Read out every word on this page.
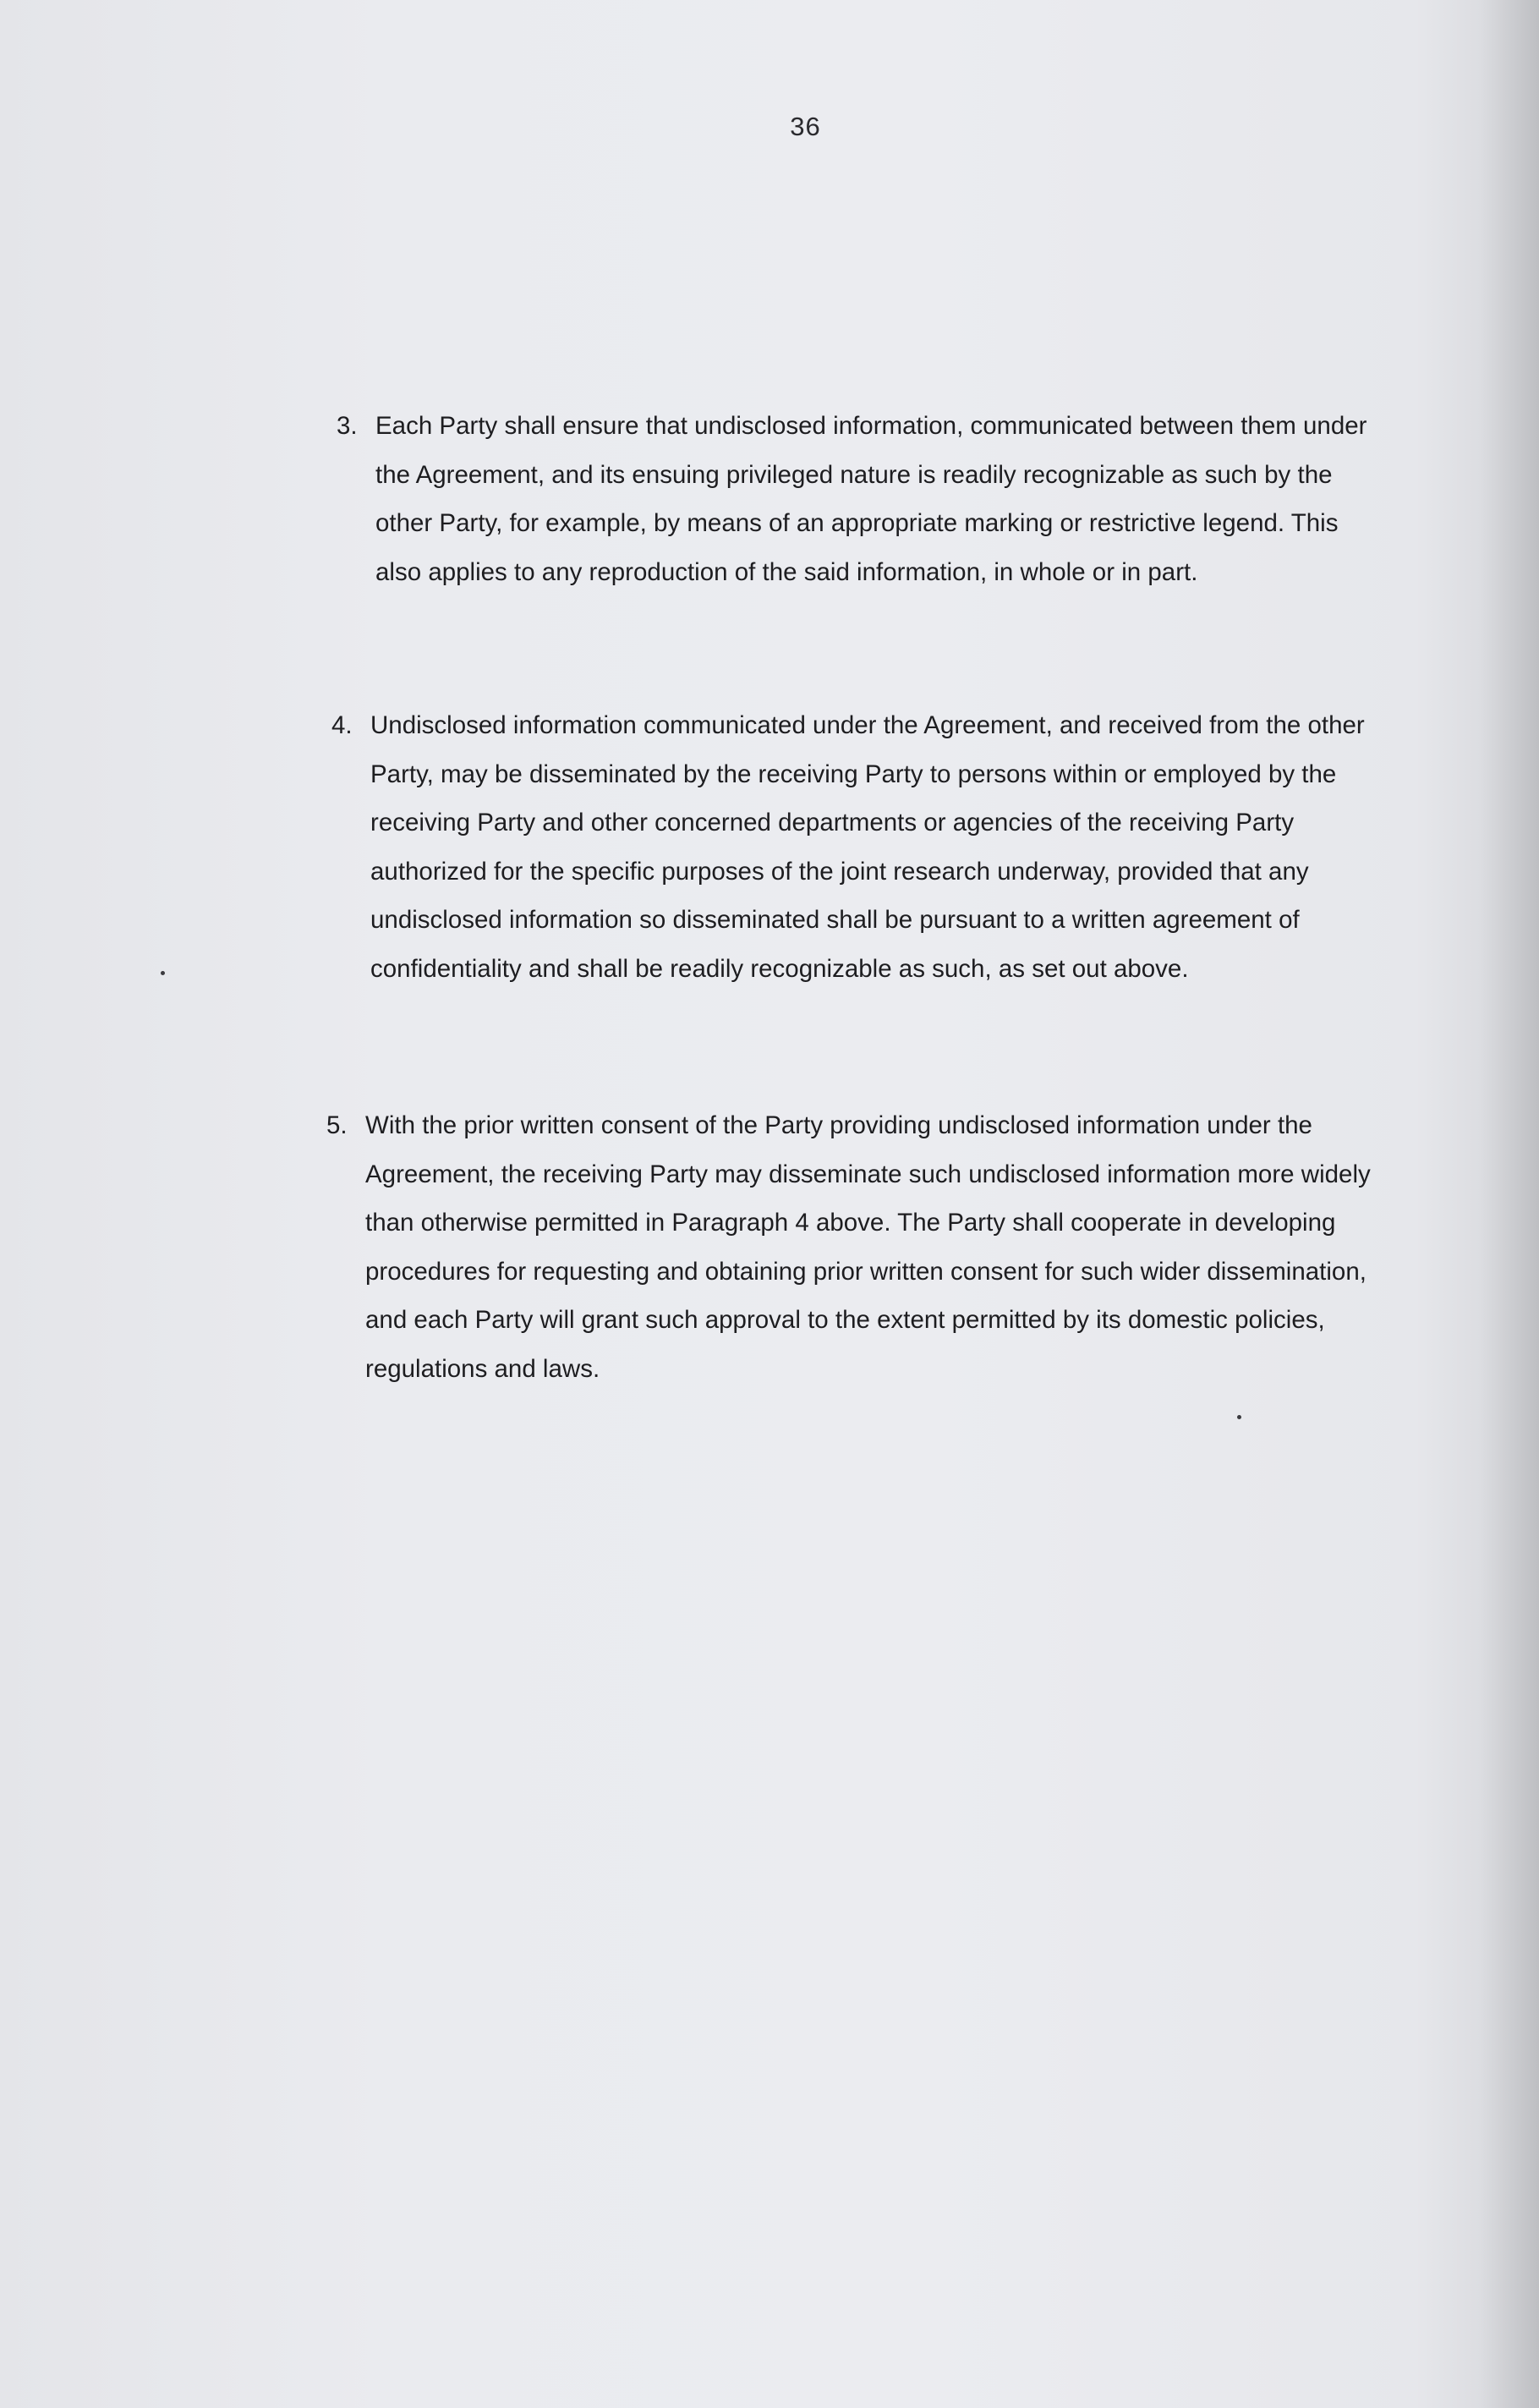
36
3. Each Party shall ensure that undisclosed information, communicated between them under the Agreement, and its ensuing privileged nature is readily recognizable as such by the other Party, for example, by means of an appropriate marking or restrictive legend. This also applies to any reproduction of the said information, in whole or in part.
4. Undisclosed information communicated under the Agreement, and received from the other Party, may be disseminated by the receiving Party to persons within or employed by the receiving Party and other concerned departments or agencies of the receiving Party authorized for the specific purposes of the joint research underway, provided that any undisclosed information so disseminated shall be pursuant to a written agreement of confidentiality and shall be readily recognizable as such, as set out above.
5. With the prior written consent of the Party providing undisclosed information under the Agreement, the receiving Party may disseminate such undisclosed information more widely than otherwise permitted in Paragraph 4 above. The Party shall cooperate in developing procedures for requesting and obtaining prior written consent for such wider dissemination, and each Party will grant such approval to the extent permitted by its domestic policies, regulations and laws.
